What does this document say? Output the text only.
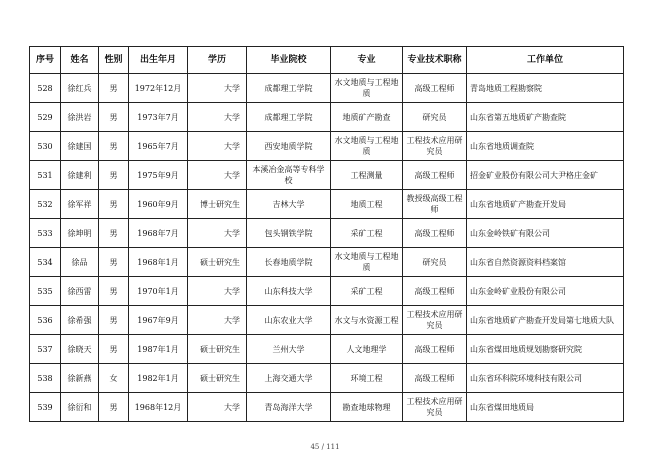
序号	姓名	性别	出生年月	学历	毕业院校	专业	专业技术职称	工作单位
528	徐红兵	男	1972年12月	大学	成都理工学院	水文地质与工程地质	高级工程师	青岛地质工程勘察院
529	徐洪岩	男	1973年7月	大学	成都理工学院	地质矿产勘查	研究员	山东省第五地质矿产勘查院
530	徐建国	男	1965年7月	大学	西安地质学院	水文地质与工程地质	工程技术应用研究员	山东省地质调查院
531	徐建利	男	1975年9月	大学	本溪冶金高等专科学校	工程测量	高级工程师	招金矿业股份有限公司大尹格庄金矿
532	徐军祥	男	1960年9月	博士研究生	吉林大学	地质工程	教授级高级工程师	山东省地质矿产勘查开发局
533	徐坤明	男	1968年7月	大学	包头钢铁学院	采矿工程	高级工程师	山东金岭铁矿有限公司
534	徐品	男	1968年1月	硕士研究生	长春地质学院	水文地质与工程地质	研究员	山东省自然资源资料档案馆
535	徐西雷	男	1970年1月	大学	山东科技大学	采矿工程	高级工程师	山东金岭矿业股份有限公司
536	徐希强	男	1967年9月	大学	山东农业大学	水文与水资源工程	工程技术应用研究员	山东省地质矿产勘查开发局第七地质大队
537	徐晓天	男	1987年1月	硕士研究生	兰州大学	人文地理学	高级工程师	山东省煤田地质规划勘察研究院
538	徐新燕	女	1982年1月	硕士研究生	上海交通大学	环境工程	高级工程师	山东省环科院环境科技有限公司
539	徐衍和	男	1968年12月	大学	青岛海洋大学	勘查地球物理	工程技术应用研究员	山东省煤田地质局
45 / 111
